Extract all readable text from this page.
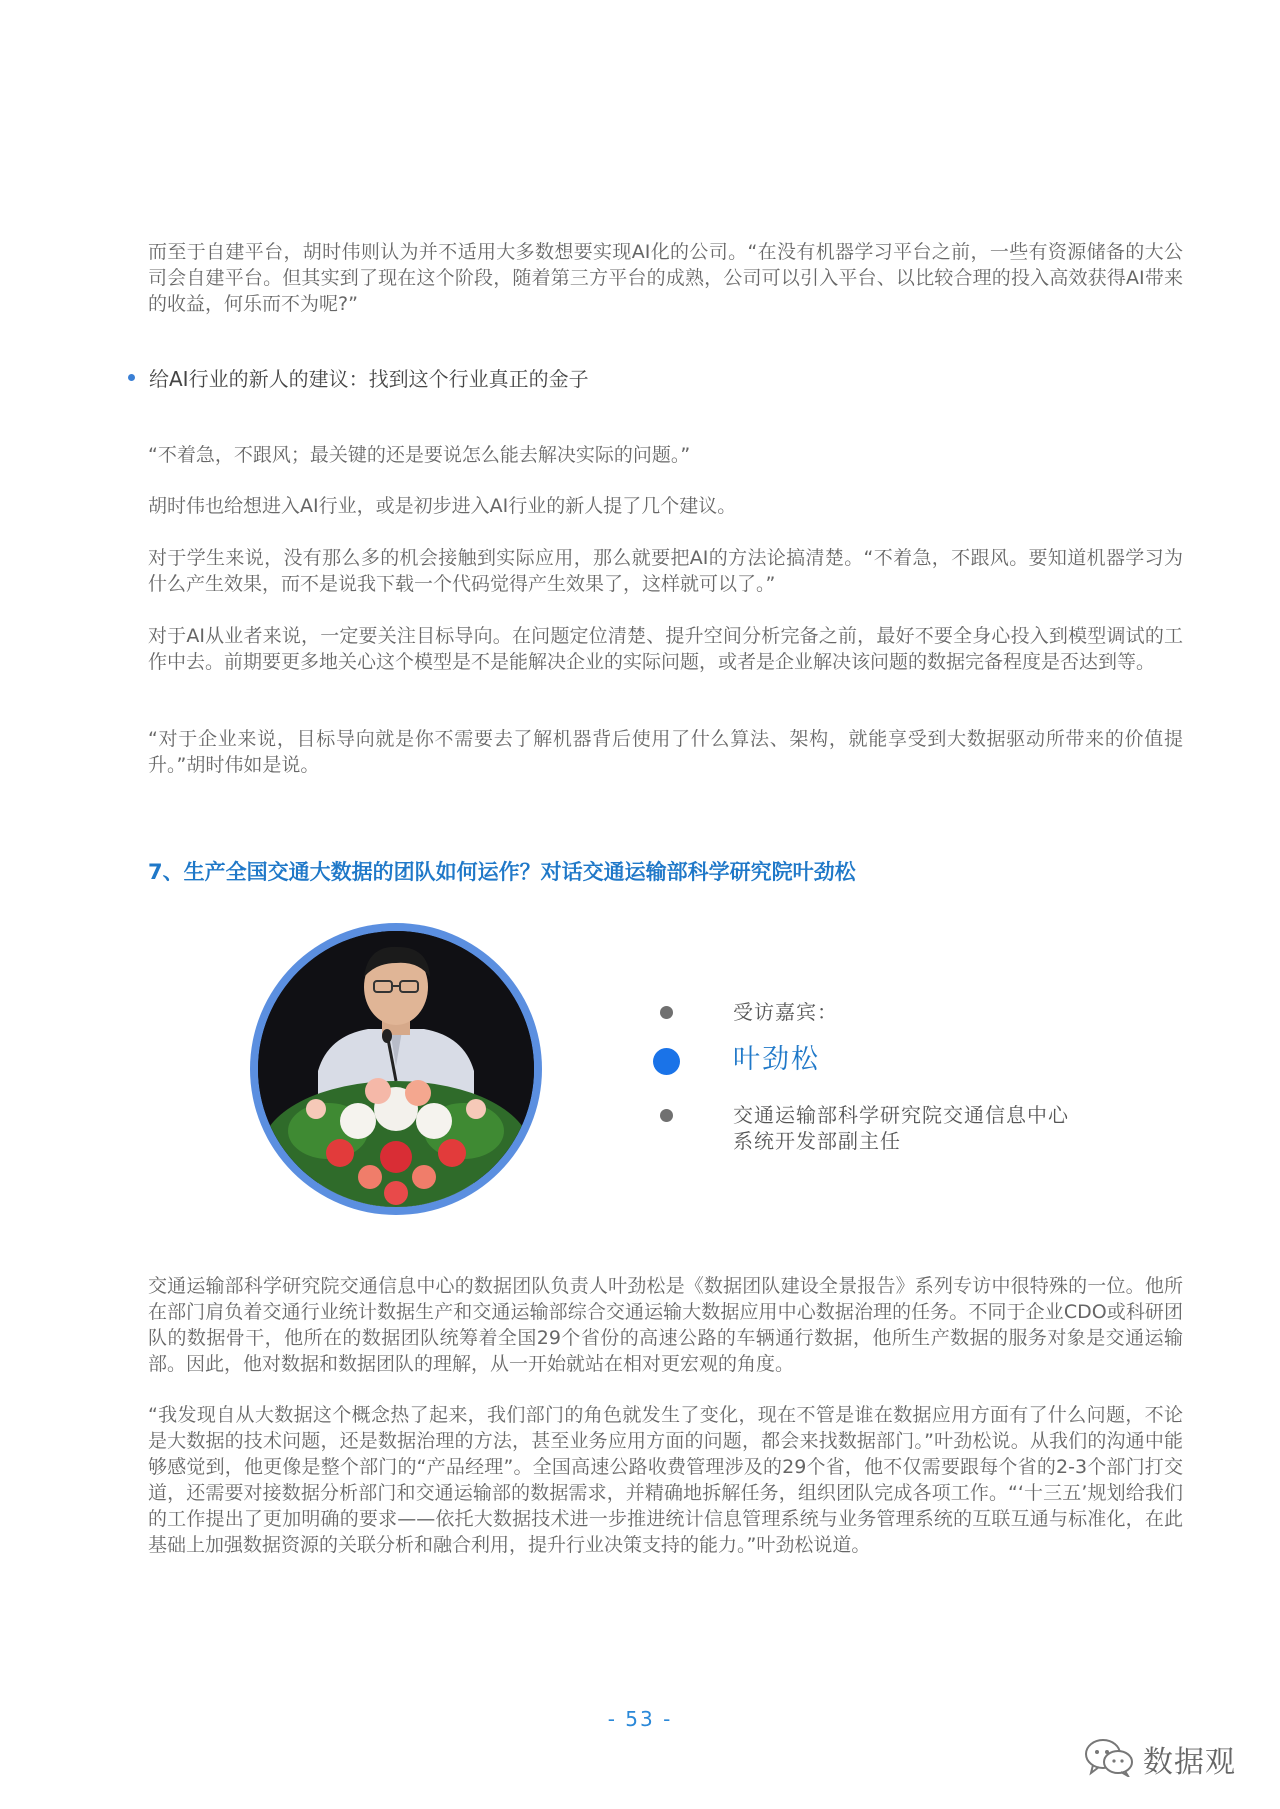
而至于自建平台，胡时伟则认为并不适用大多数想要实现AI化的公司。“在没有机器学习平台之前，一些有资源储备的大公司会自建平台。但其实到了现在这个阶段，随着第三方平台的成熟，公司可以引入平台、以比较合理的投入高效获得AI带来的收益，何乐而不为呢?”

给AI行业的新人的建议：找到这个行业真正的金子

“不着急，不跟风；最关键的还是要说怎么能去解决实际的问题。”

胡时伟也给想进入AI行业，或是初步进入AI行业的新人提了几个建议。

对于学生来说，没有那么多的机会接触到实际应用，那么就要把AI的方法论搞清楚。“不着急，不跟风。要知道机器学习为什么产生效果，而不是说我下载一个代码觉得产生效果了，这样就可以了。”

对于AI从业者来说，一定要关注目标导向。在问题定位清楚、提升空间分析完备之前，最好不要全身心投入到模型调试的工作中去。前期要更多地关心这个模型是不是能解决企业的实际问题，或者是企业解决该问题的数据完备程度是否达到等。

“对于企业来说，目标导向就是你不需要去了解机器背后使用了什么算法、架构，就能享受到大数据驱动所带来的价值提升。”胡时伟如是说。

7、生产全国交通大数据的团队如何运作？对话交通运输部科学研究院叶劲松
受访嘉宾：
叶劲松
交通运输部科学研究院交通信息中心
系统开发部副主任

交通运输部科学研究院交通信息中心的数据团队负责人叶劲松是《数据团队建设全景报告》系列专访中很特殊的一位。他所在部门肩负着交通行业统计数据生产和交通运输部综合交通运输大数据应用中心数据治理的任务。不同于企业CDO或科研团队的数据骨干，他所在的数据团队统筹着全国29个省份的高速公路的车辆通行数据，他所生产数据的服务对象是交通运输部。因此，他对数据和数据团队的理解，从一开始就站在相对更宏观的角度。

“我发现自从大数据这个概念热了起来，我们部门的角色就发生了变化，现在不管是谁在数据应用方面有了什么问题，不论是大数据的技术问题，还是数据治理的方法，甚至业务应用方面的问题，都会来找数据部门。”叶劲松说。从我们的沟通中能够感觉到，他更像是整个部门的“产品经理”。全国高速公路收费管理涉及的29个省，他不仅需要跟每个省的2-3个部门打交道，还需要对接数据分析部门和交通运输部的数据需求，并精确地拆解任务，组织团队完成各项工作。“‘十三五’规划给我们的工作提出了更加明确的要求——依托大数据技术进一步推进统计信息管理系统与业务管理系统的互联互通与标准化，在此基础上加强数据资源的关联分析和融合利用，提升行业决策支持的能力。”叶劲松说道。

- 53 -
数据观
